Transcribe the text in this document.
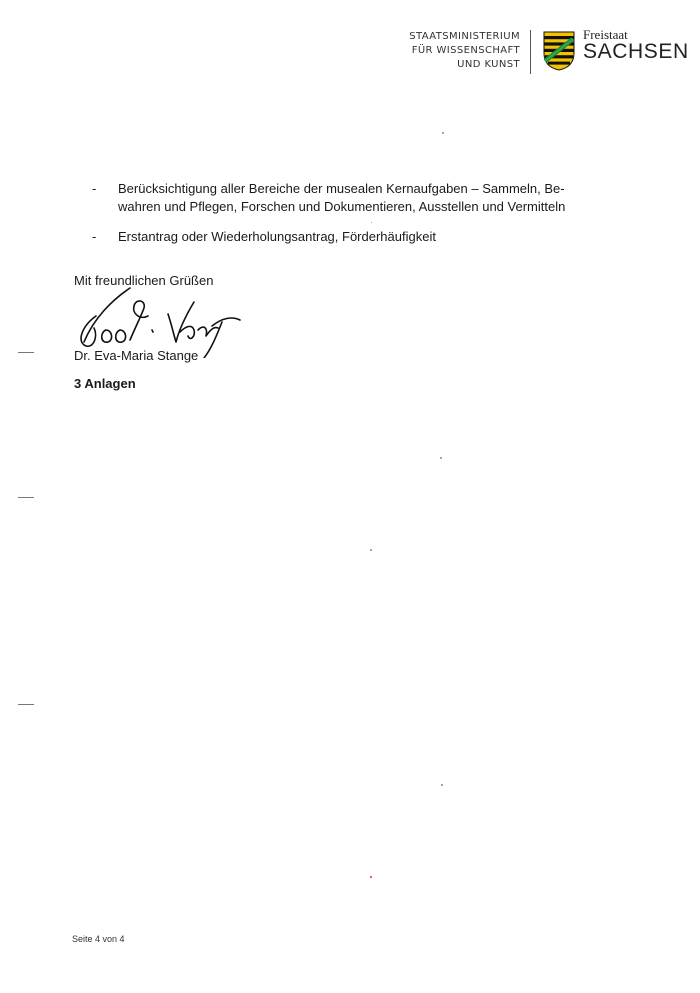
STAATSMINISTERIUM
FÜR WISSENSCHAFT
UND KUNST
Freistaat
SACHSEN
- Berücksichtigung aller Bereiche der musealen Kernaufgaben – Sammeln, Be-wahren und Pflegen, Forschen und Dokumentieren, Ausstellen und Vermitteln
- Erstantrag oder Wiederholungsantrag, Förderhäufigkeit
Mit freundlichen Grüßen
Dr. Eva-Maria Stange
3 Anlagen
Seite 4 von 4
